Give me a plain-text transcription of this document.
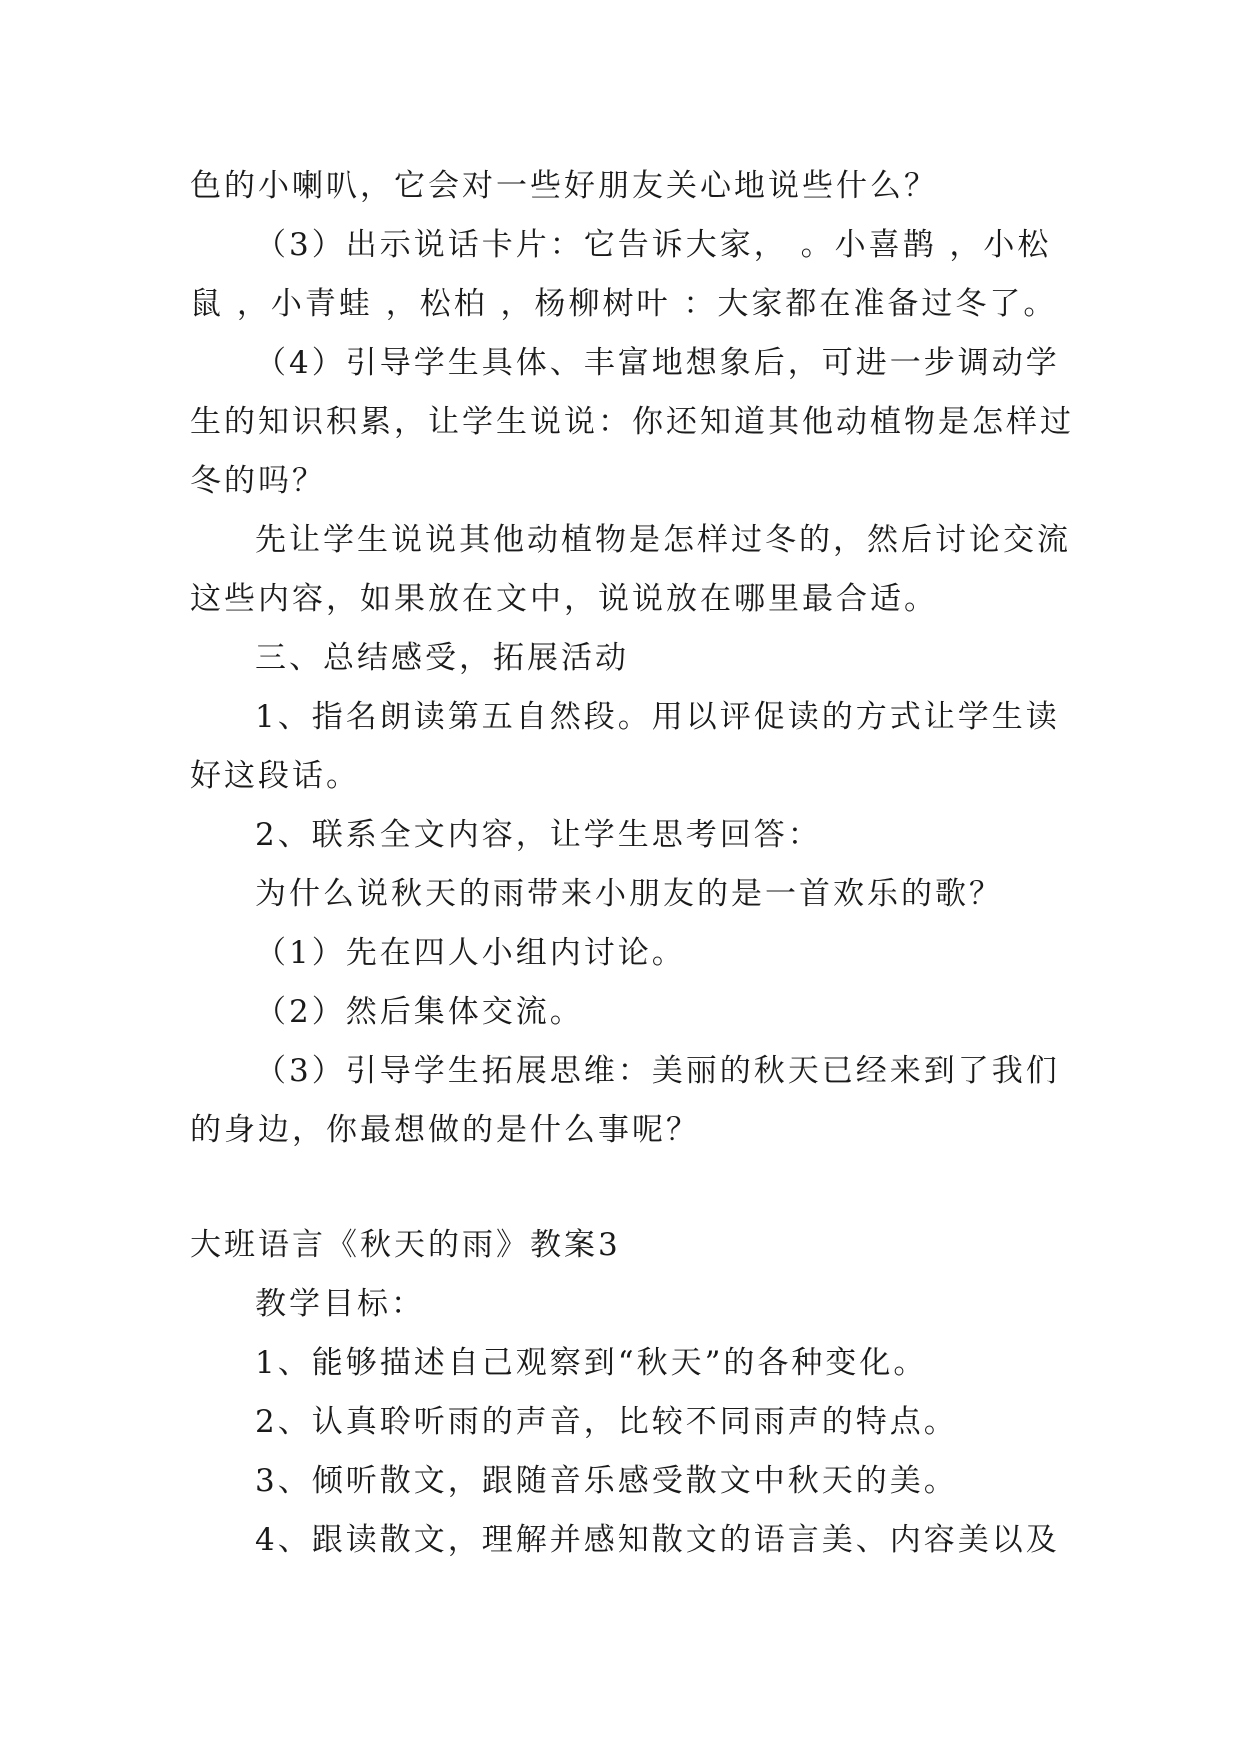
色的小喇叭，它会对一些好朋友关心地说些什么？
（3）出示说话卡片：它告诉大家， 。小喜鹊 ，小松
鼠 ，小青蛙 ，松柏 ，杨柳树叶 ：大家都在准备过冬了。
（4）引导学生具体、丰富地想象后，可进一步调动学
生的知识积累，让学生说说：你还知道其他动植物是怎样过
冬的吗？
先让学生说说其他动植物是怎样过冬的，然后讨论交流
这些内容，如果放在文中，说说放在哪里最合适。
三、总结感受，拓展活动
1、指名朗读第五自然段。用以评促读的方式让学生读
好这段话。
2、联系全文内容，让学生思考回答：
为什么说秋天的雨带来小朋友的是一首欢乐的歌？
（1）先在四人小组内讨论。
（2）然后集体交流。
（3）引导学生拓展思维：美丽的秋天已经来到了我们
的身边，你最想做的是什么事呢？
大班语言《秋天的雨》教案3
教学目标：
1、能够描述自己观察到“秋天”的各种变化。
2、认真聆听雨的声音，比较不同雨声的特点。
3、倾听散文，跟随音乐感受散文中秋天的美。
4、跟读散文，理解并感知散文的语言美、内容美以及
